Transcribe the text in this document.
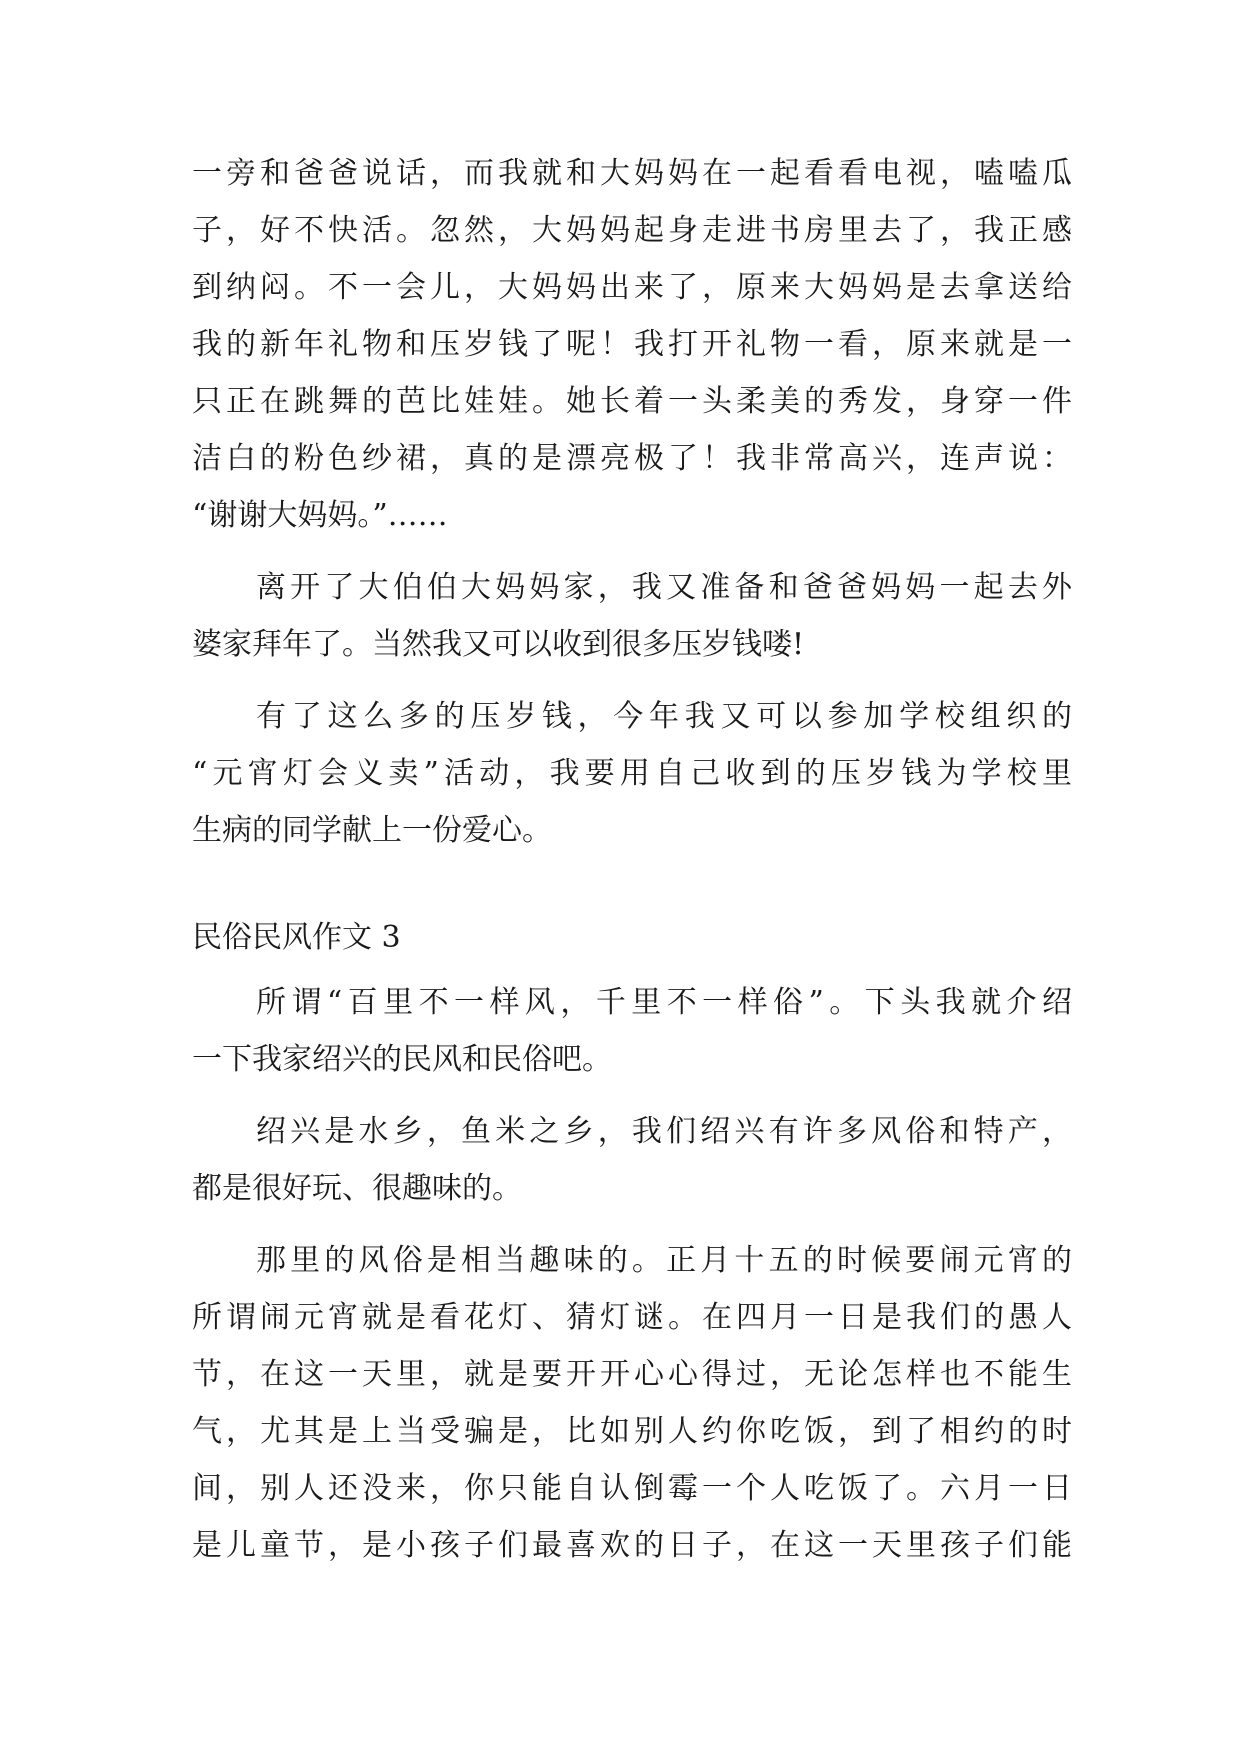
一旁和爸爸说话，而我就和大妈妈在一起看看电视，嗑嗑瓜
子，好不快活。忽然，大妈妈起身走进书房里去了，我正感
到纳闷。不一会儿，大妈妈出来了，原来大妈妈是去拿送给
我的新年礼物和压岁钱了呢！我打开礼物一看，原来就是一
只正在跳舞的芭比娃娃。她长着一头柔美的秀发，身穿一件
洁白的粉色纱裙，真的是漂亮极了！我非常高兴，连声说：
“谢谢大妈妈。”……
离开了大伯伯大妈妈家，我又准备和爸爸妈妈一起去外
婆家拜年了。当然我又可以收到很多压岁钱喽!
有了这么多的压岁钱，今年我又可以参加学校组织的
“元宵灯会义卖”活动，我要用自己收到的压岁钱为学校里
生病的同学献上一份爱心。
民俗民风作文 3
所谓“百里不一样风，千里不一样俗”。下头我就介绍
一下我家绍兴的民风和民俗吧。
绍兴是水乡，鱼米之乡，我们绍兴有许多风俗和特产，
都是很好玩、很趣味的。
那里的风俗是相当趣味的。正月十五的时候要闹元宵的
所谓闹元宵就是看花灯、猜灯谜。在四月一日是我们的愚人
节，在这一天里，就是要开开心心得过，无论怎样也不能生
气，尤其是上当受骗是，比如别人约你吃饭，到了相约的时
间，别人还没来，你只能自认倒霉一个人吃饭了。六月一日
是儿童节，是小孩子们最喜欢的日子，在这一天里孩子们能
